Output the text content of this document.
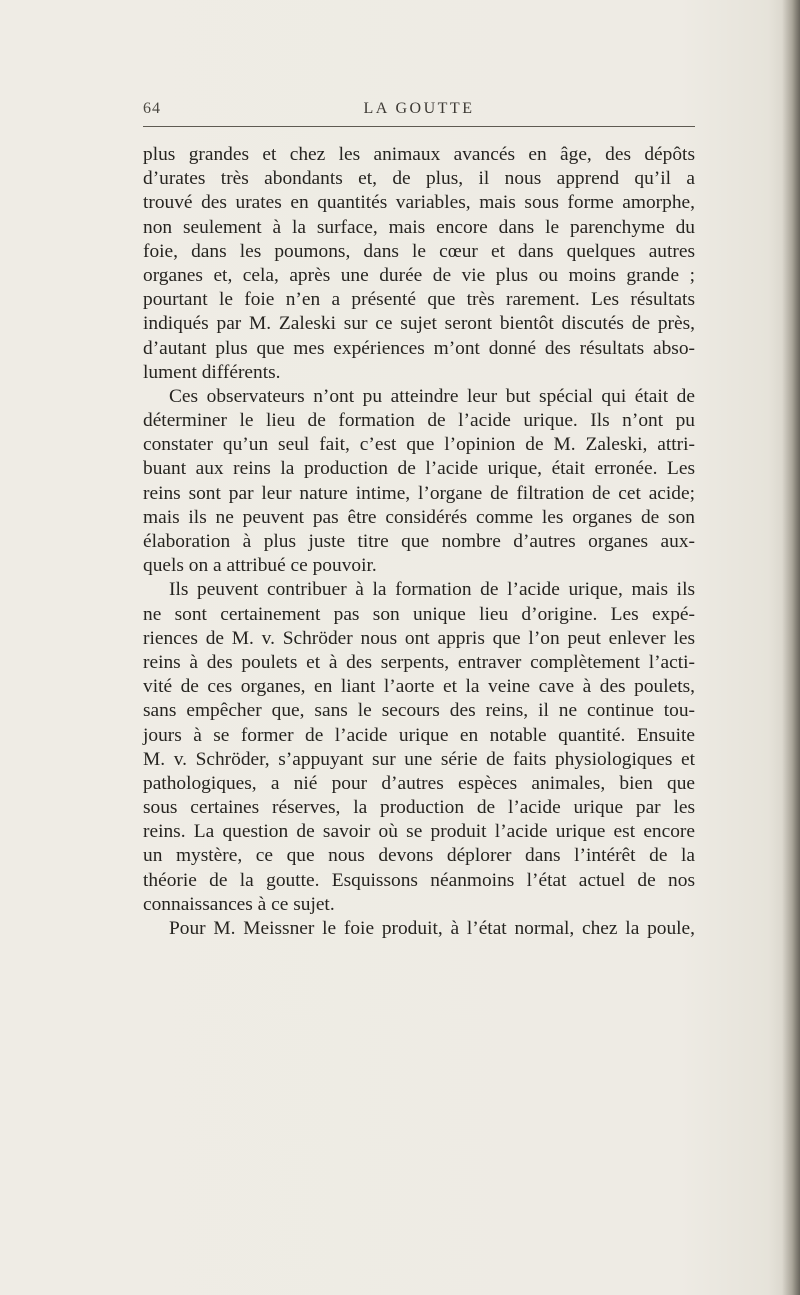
64	LA GOUTTE
plus grandes et chez les animaux avancés en âge, des dépôts
d’urates très abondants et, de plus, il nous apprend qu’il a
trouvé des urates en quantités variables, mais sous forme amorphe,
non seulement à la surface, mais encore dans le parenchyme du
foie, dans les poumons, dans le cœur et dans quelques autres
organes et, cela, après une durée de vie plus ou moins grande ;
pourtant le foie n’en a présenté que très rarement. Les résultats
indiqués par M. Zaleski sur ce sujet seront bientôt discutés de près,
d’autant plus que mes expériences m’ont donné des résultats abso-
lument différents.
Ces observateurs n’ont pu atteindre leur but spécial qui était de
déterminer le lieu de formation de l’acide urique. Ils n’ont pu
constater qu’un seul fait, c’est que l’opinion de M. Zaleski, attri-
buant aux reins la production de l’acide urique, était erronée. Les
reins sont par leur nature intime, l’organe de filtration de cet acide;
mais ils ne peuvent pas être considérés comme les organes de son
élaboration à plus juste titre que nombre d’autres organes aux-
quels on a attribué ce pouvoir.
Ils peuvent contribuer à la formation de l’acide urique, mais ils
ne sont certainement pas son unique lieu d’origine. Les expé-
riences de M. v. Schröder nous ont appris que l’on peut enlever les
reins à des poulets et à des serpents, entraver complètement l’acti-
vité de ces organes, en liant l’aorte et la veine cave à des poulets,
sans empêcher que, sans le secours des reins, il ne continue tou-
jours à se former de l’acide urique en notable quantité. Ensuite
M. v. Schröder, s’appuyant sur une série de faits physiologiques et
pathologiques, a nié pour d’autres espèces animales, bien que
sous certaines réserves, la production de l’acide urique par les
reins. La question de savoir où se produit l’acide urique est encore
un mystère, ce que nous devons déplorer dans l’intérêt de la
théorie de la goutte. Esquissons néanmoins l’état actuel de nos
connaissances à ce sujet.
Pour M. Meissner le foie produit, à l’état normal, chez la poule,
